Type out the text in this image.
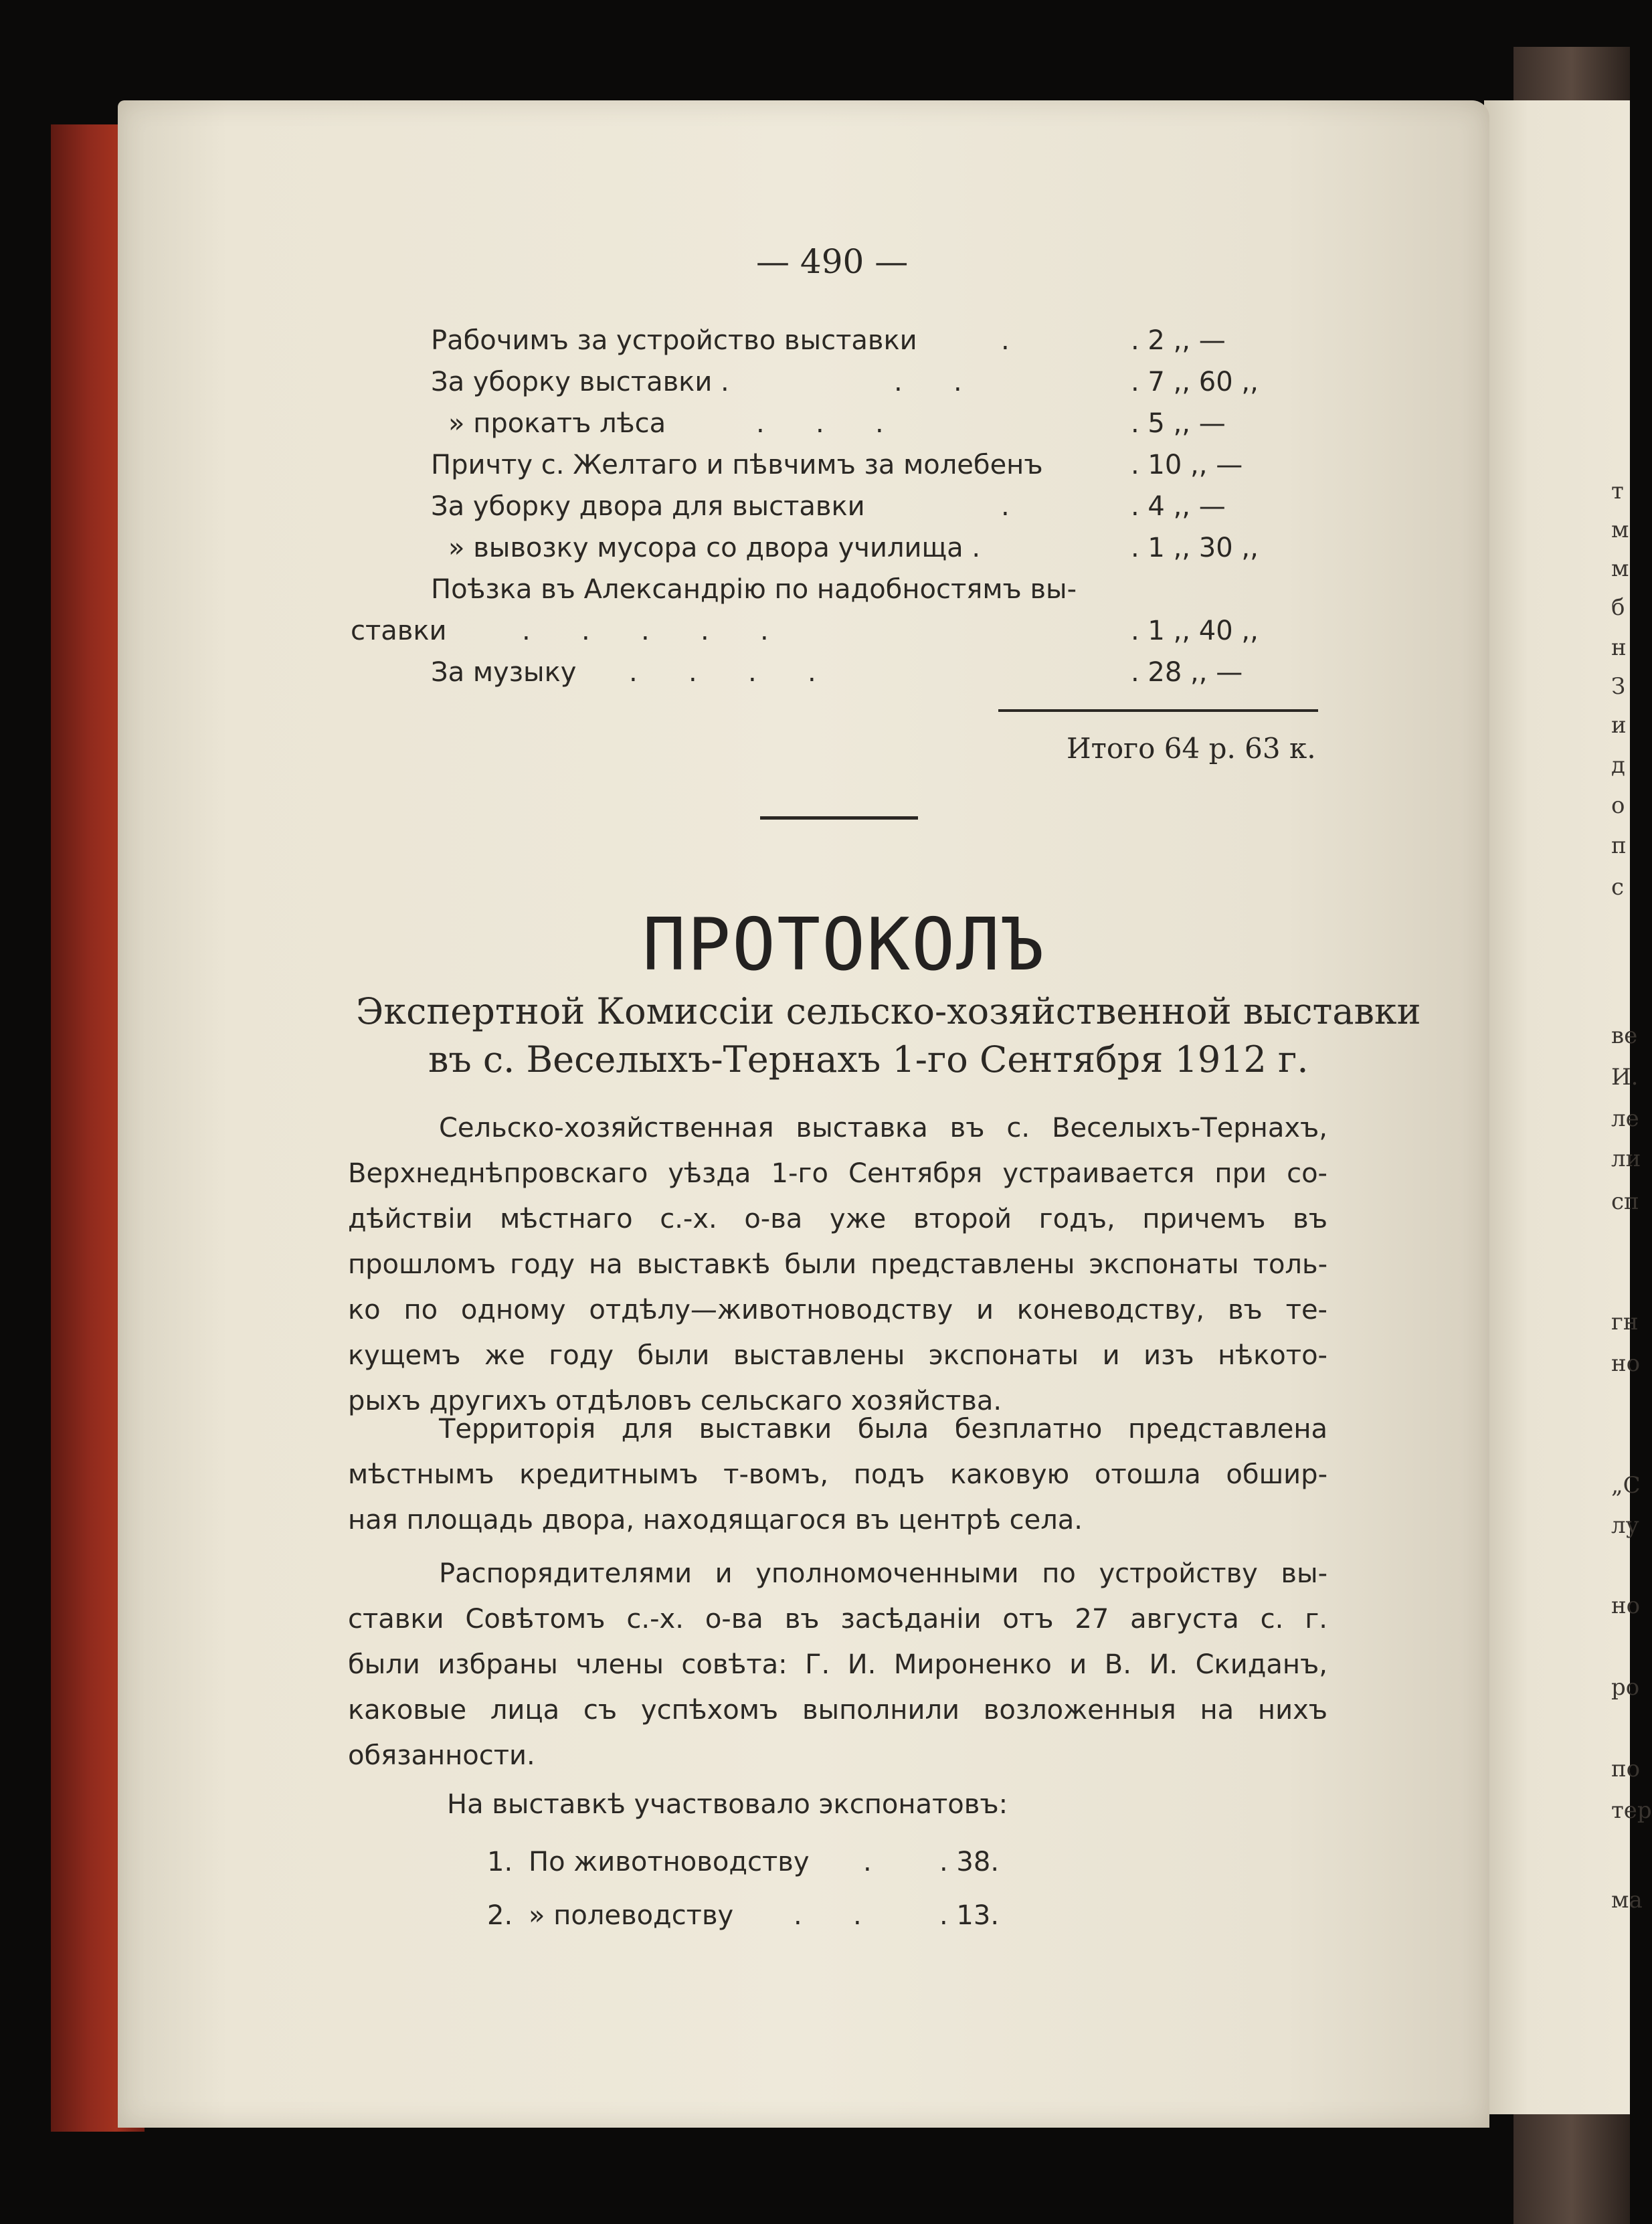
т
м
м
б
н
З
и
д
о
п
с
ве
И.
ле
ли
сп
гн
но
„С
лу
но
ро
по
тер
ма
— 490 —
Рабочимъ за устройство выставки	.	. 2 ,, —
За уборку выставки .	.      .	. 7 ,, 60 ,,
» прокатъ лѣса	.      .      .	. 5 ,, —
Причту с. Желтаго и пѣвчимъ за молебенъ	. 10 ,, —
За уборку двора для выставки	.	. 4 ,, —
» вывозку мусора со двора училища .	. 1 ,, 30 ,,
Поѣзка въ Александрію по надобностямъ вы-
ставки	.      .      .      .      .	. 1 ,, 40 ,,
За музыку .      .      .      .	. 28 ,, —
Итого 64 р. 63 к.
ПРОТОКОЛЪ
Экспертной Комиссіи сельско-хозяйственной выставки
въ с. Веселыхъ-Тернахъ 1-го Сентября 1912 г.
Сельско-хозяйственная выставка въ с. Веселыхъ-Тернахъ,
Верхнеднѣпровскаго уѣзда 1-го Сентября устраивается при со-
дѣйствіи мѣстнаго с.-х. о-ва уже второй годъ, причемъ въ
прошломъ году на выставкѣ были представлены экспонаты толь-
ко по одному отдѣлу—животноводству и коневодству, въ те-
кущемъ же году были выставлены экспонаты и изъ нѣкото-
рыхъ другихъ отдѣловъ сельскаго хозяйства.
Территорія для выставки была безплатно представлена
мѣстнымъ кредитнымъ т-вомъ, подъ каковую отошла обшир-
ная площадь двора, находящагося въ центрѣ села.
Распорядителями и уполномоченными по устройству вы-
ставки Совѣтомъ с.-х. о-ва въ засѣданіи отъ 27 августа с. г.
были избраны члены совѣта: Г. И. Мироненко и В. И. Скиданъ,
каковые лица съ успѣхомъ выполнили возложенныя на нихъ
обязанности.
На выставкѣ участвовало экспонатовъ:
1. По животноводству .	. 38.
2. » полеводству .      .	. 13.
